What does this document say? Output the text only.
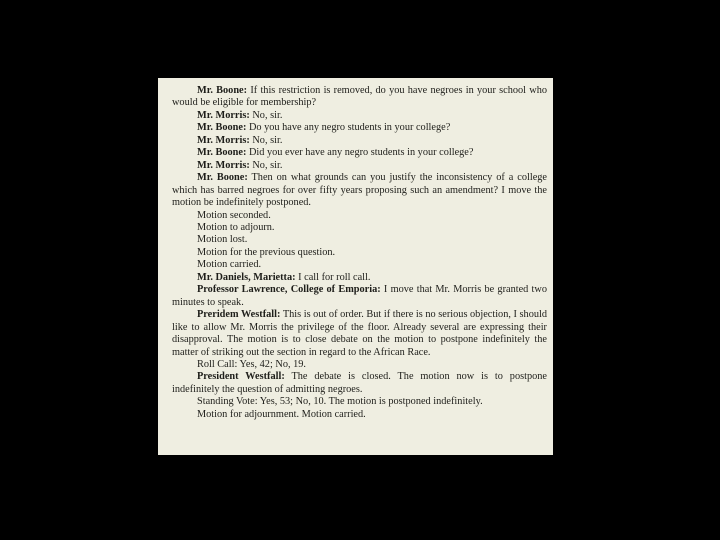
Mr. Boone: If this restriction is removed, do you have negroes in your school who would be eligible for membership?

Mr. Morris: No, sir.

Mr. Boone: Do you have any negro students in your college?

Mr. Morris: No, sir.

Mr. Boone: Did you ever have any negro students in your college?

Mr. Morris: No, sir.

Mr. Boone: Then on what grounds can you justify the inconsistency of a college which has barred negroes for over fifty years proposing such an amendment? I move the motion be indefinitely postponed.

Motion seconded.

Motion to adjourn.

Motion lost.

Motion for the previous question.

Motion carried.

Mr. Daniels, Marietta: I call for roll call.

Professor Lawrence, College of Emporia: I move that Mr. Morris be granted two minutes to speak.

Preridem Westfall: This is out of order. But if there is no serious objection, I should like to allow Mr. Morris the privilege of the floor. Already several are expressing their disapproval. The motion is to close debate on the motion to postpone indefinitely the matter of striking out the section in regard to the African Race.

Roll Call: Yes, 42; No, 19.

President Westfall: The debate is closed. The motion now is to postpone indefinitely the question of admitting negroes.

Standing Vote: Yes, 53; No, 10. The motion is postponed indefinitely.

Motion for adjournment. Motion carried.
